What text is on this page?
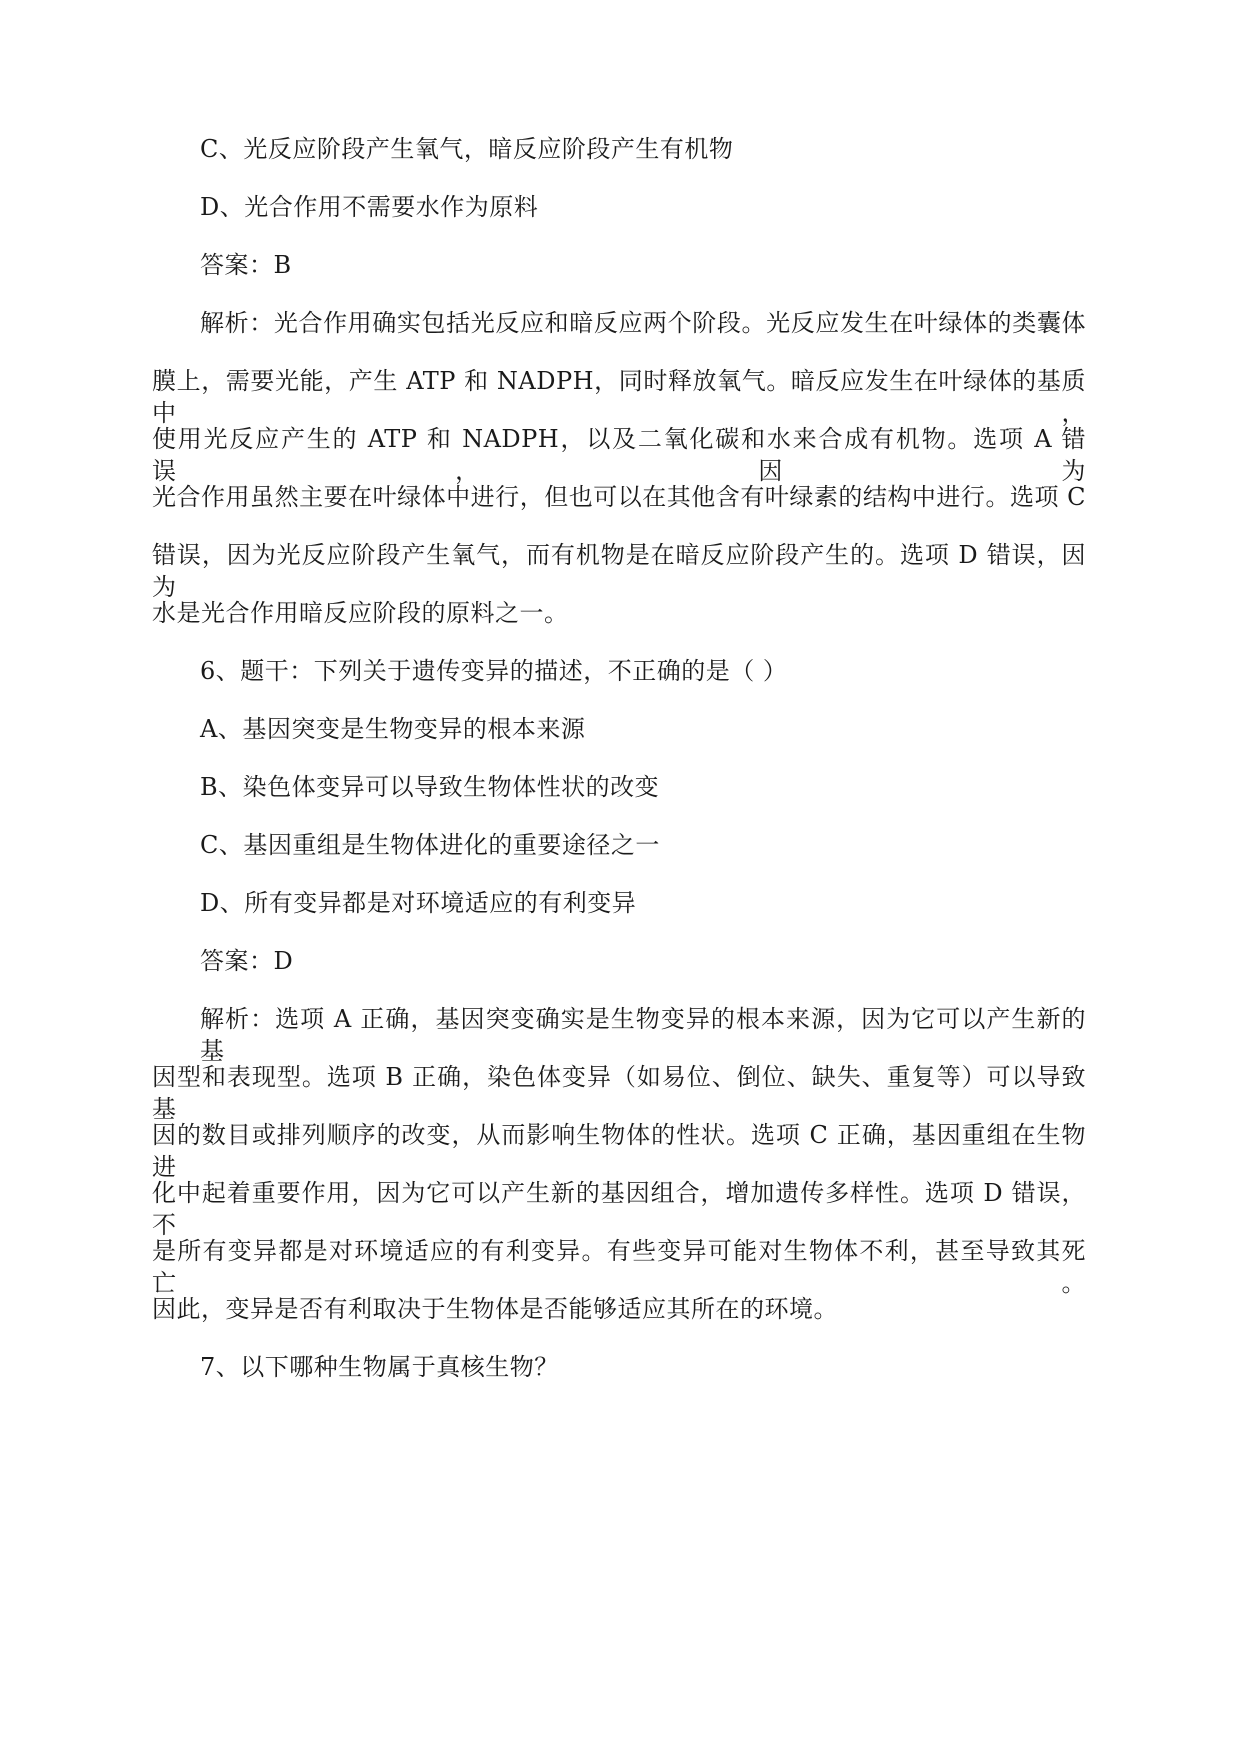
C、光反应阶段产生氧气，暗反应阶段产生有机物
D、光合作用不需要水作为原料
答案：B
解析：光合作用确实包括光反应和暗反应两个阶段。光反应发生在叶绿体的类囊体
膜上，需要光能，产生 ATP 和 NADPH，同时释放氧气。暗反应发生在叶绿体的基质中，
使用光反应产生的 ATP 和 NADPH，以及二氧化碳和水来合成有机物。选项 A 错误，因为
光合作用虽然主要在叶绿体中进行，但也可以在其他含有叶绿素的结构中进行。选项 C
错误，因为光反应阶段产生氧气，而有机物是在暗反应阶段产生的。选项 D 错误，因为
水是光合作用暗反应阶段的原料之一。
6、题干：下列关于遗传变异的描述，不正确的是（ ）
A、基因突变是生物变异的根本来源
B、染色体变异可以导致生物体性状的改变
C、基因重组是生物体进化的重要途径之一
D、所有变异都是对环境适应的有利变异
答案：D
解析：选项 A 正确，基因突变确实是生物变异的根本来源，因为它可以产生新的基
因型和表现型。选项 B 正确，染色体变异（如易位、倒位、缺失、重复等）可以导致基
因的数目或排列顺序的改变，从而影响生物体的性状。选项 C 正确，基因重组在生物进
化中起着重要作用，因为它可以产生新的基因组合，增加遗传多样性。选项 D 错误，不
是所有变异都是对环境适应的有利变异。有些变异可能对生物体不利，甚至导致其死亡。
因此，变异是否有利取决于生物体是否能够适应其所在的环境。
7、以下哪种生物属于真核生物？
